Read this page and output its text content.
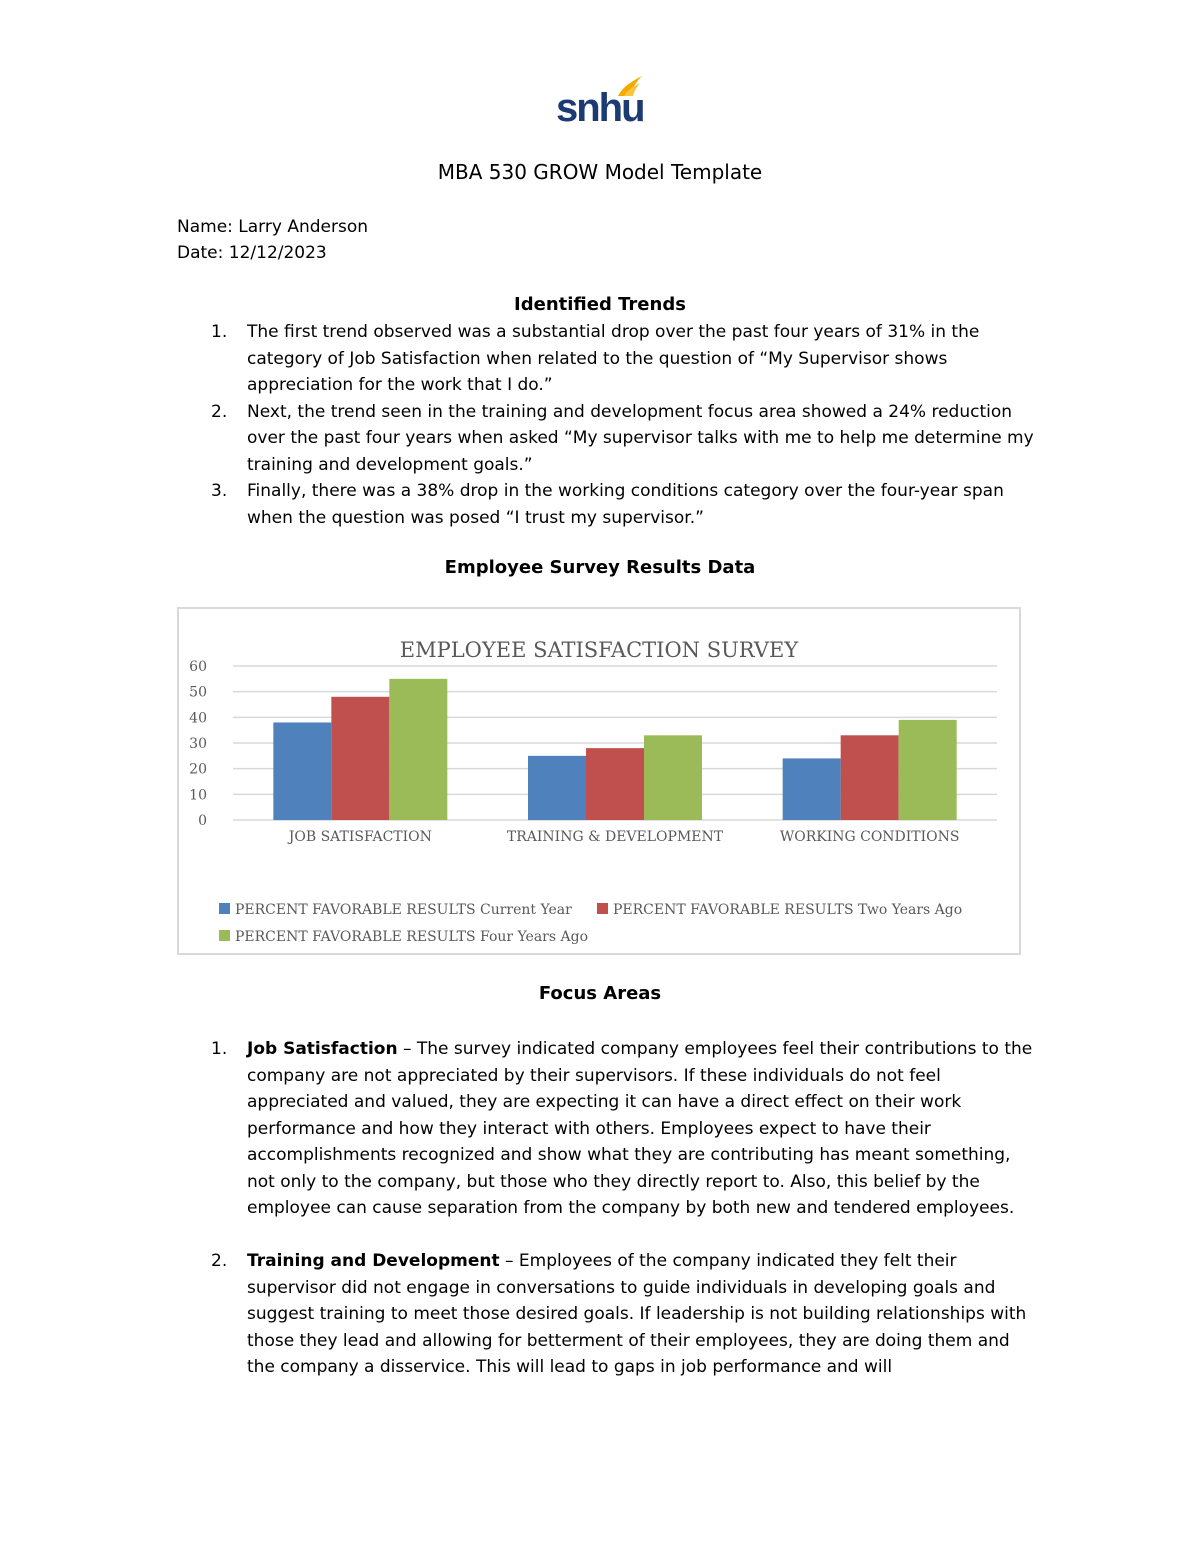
snhu
MBA 530 GROW Model Template
Name: Larry Anderson
Date: 12/12/2023
Identified Trends
1. The first trend observed was a substantial drop over the past four years of 31% in the category of Job Satisfaction when related to the question of “My Supervisor shows appreciation for the work that I do.”
2. Next, the trend seen in the training and development focus area showed a 24% reduction over the past four years when asked “My supervisor talks with me to help me determine my training and development goals.”
3. Finally, there was a 38% drop in the working conditions category over the four-year span when the question was posed “I trust my supervisor.”
Employee Survey Results Data
EMPLOYEE SATISFACTION SURVEY
0
10
20
30
40
50
60
JOB SATISFACTION	TRAINING & DEVELOPMENT	WORKING CONDITIONS
PERCENT FAVORABLE RESULTS Current Year	PERCENT FAVORABLE RESULTS Two Years Ago
PERCENT FAVORABLE RESULTS Four Years Ago
Focus Areas
1. Job Satisfaction – The survey indicated company employees feel their contributions to the company are not appreciated by their supervisors. If these individuals do not feel appreciated and valued, they are expecting it can have a direct effect on their work performance and how they interact with others. Employees expect to have their accomplishments recognized and show what they are contributing has meant something, not only to the company, but those who they directly report to. Also, this belief by the employee can cause separation from the company by both new and tendered employees.
2. Training and Development – Employees of the company indicated they felt their supervisor did not engage in conversations to guide individuals in developing goals and suggest training to meet those desired goals. If leadership is not building relationships with those they lead and allowing for betterment of their employees, they are doing them and the company a disservice. This will lead to gaps in job performance and will
